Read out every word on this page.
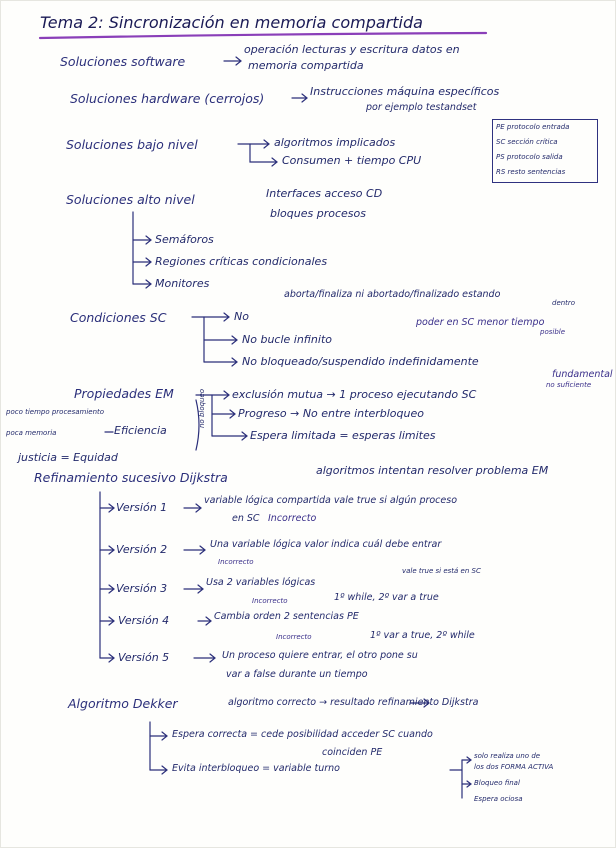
Tema 2: Sincronización en memoria compartida
Soluciones software
operación lecturas y escritura datos en
memoria compartida
Soluciones hardware (cerrojos)	Instrucciones máquina específicos
por ejemplo testandset
Soluciones bajo nivel	algoritmos implicados
Consumen + tiempo CPU
PE protocolo entrada
SC sección crítica
PS protocolo salida
RS resto sentencias
Soluciones alto nivel	Interfaces acceso CD
bloques procesos
Semáforos
Regiones críticas condicionales
Monitores
aborta/finaliza ni abortado/finalizado estando
dentro
Condiciones SC	No	poder en SC menor tiempo
posible
No bucle infinito
No bloqueado/suspendido indefinidamente
Propiedades EM	no bloqueo exclusión mutua → 1 proceso ejecutando SC
fundamental
no suficiente
poco tiempo procesamiento
poca memoria	Eficiencia
Progreso → No entre interbloqueo
Espera limitada = esperas limites
justicia = Equidad
Refinamiento sucesivo Dijkstra	algoritmos intentan resolver problema EM
Versión 1
variable lógica compartida vale true si algún proceso
en SC Incorrecto
Versión 2	Una variable lógica valor indica cuál debe entrar
Incorrecto
Versión 3	Usa 2 variables lógicas
vale true si está en SC
Incorrecto	1º while, 2º var a true
Versión 4	Cambia orden 2 sentencias PE
Incorrecto	1º var a true, 2º while
Versión 5	Un proceso quiere entrar, el otro pone su
var a false durante un tiempo
Algoritmo Dekker	algoritmo correcto → resultado refinamiento Dijkstra
Espera correcta = cede posibilidad acceder SC cuando
coinciden PE
Evita interbloqueo = variable turno
solo realiza uno de
los dos FORMA ACTIVA
Bloqueo final
Espera ociosa
